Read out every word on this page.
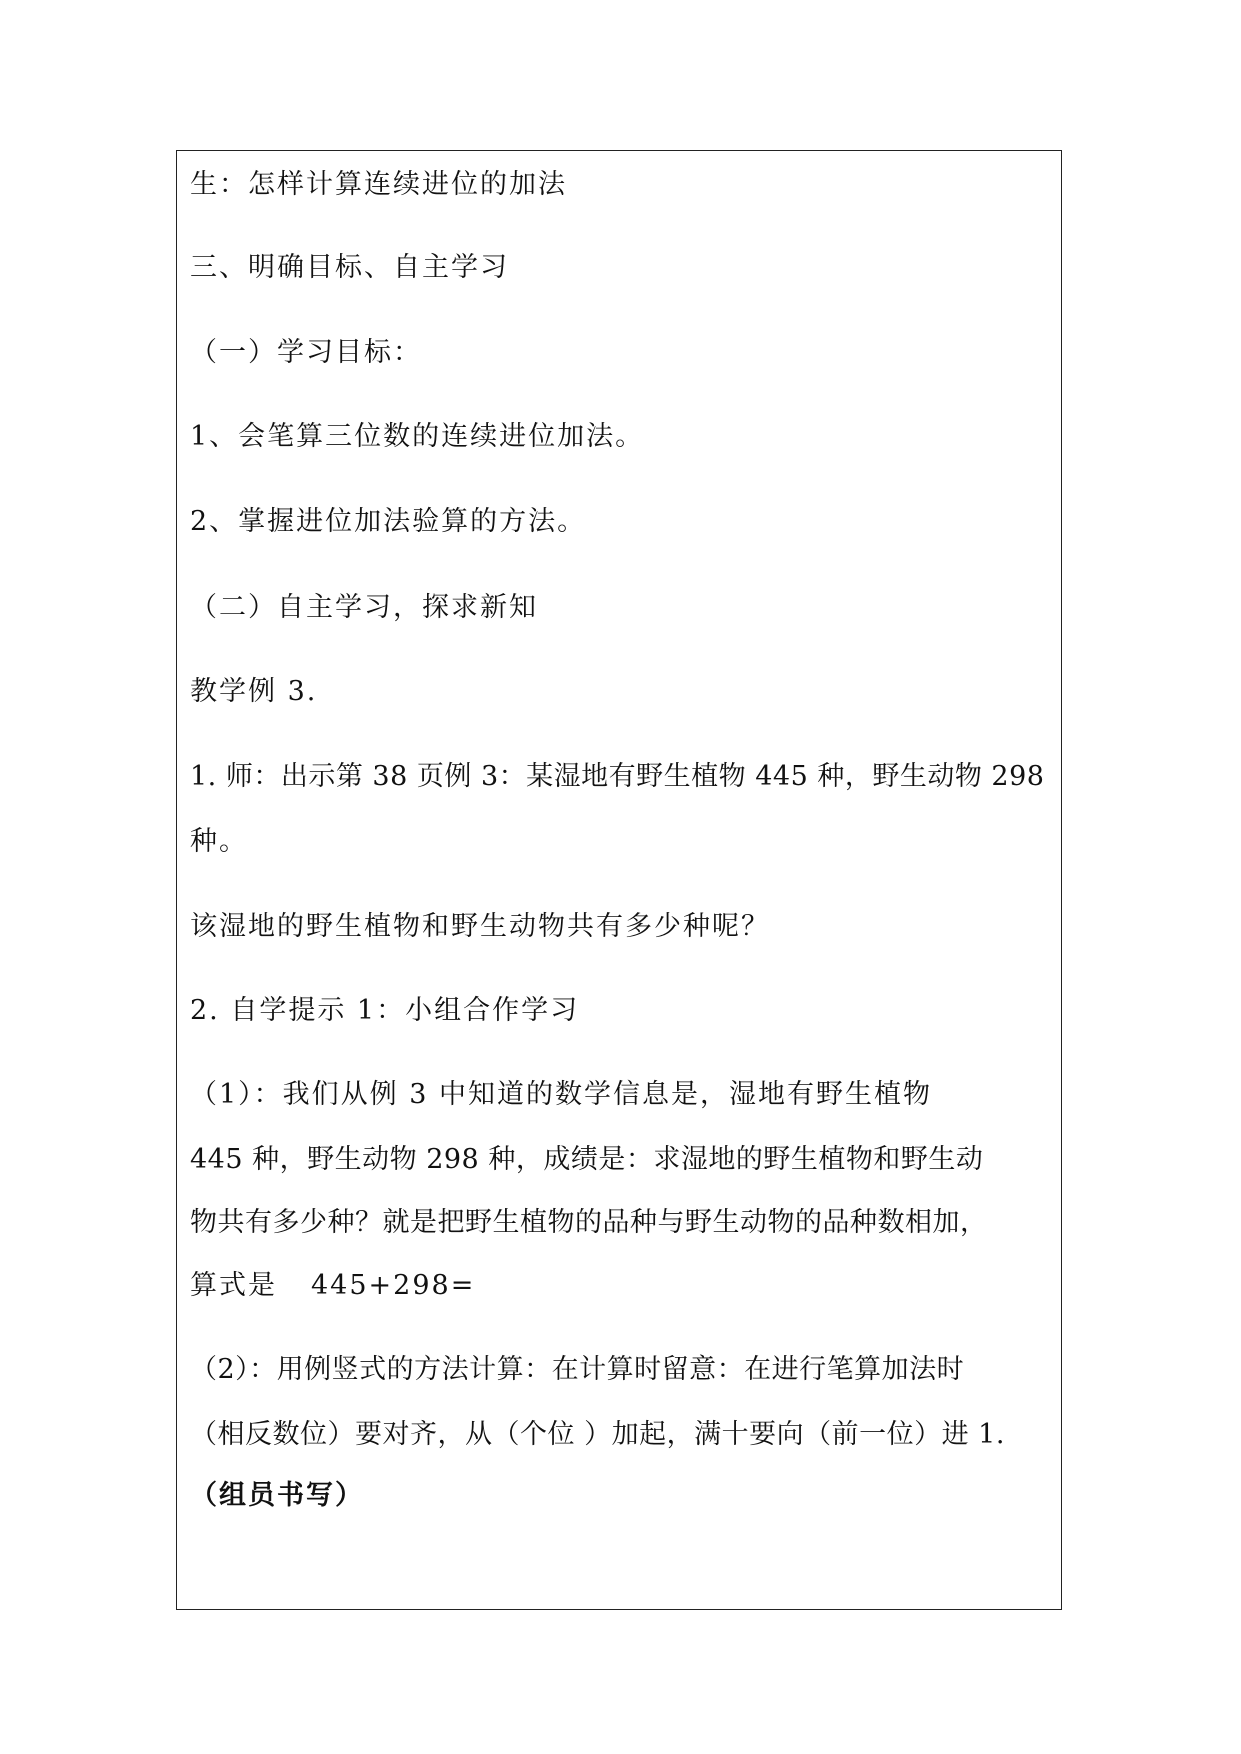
生：怎样计算连续进位的加法
三、明确目标、自主学习
（一）学习目标：
1、会笔算三位数的连续进位加法。
2、掌握进位加法验算的方法。
（二）自主学习，探求新知
教学例 3.
1. 师：出示第 38 页例 3：某湿地有野生植物 445 种，野生动物 298
种。
该湿地的野生植物和野生动物共有多少种呢？
2. 自学提示 1：小组合作学习
（1）：我们从例 3 中知道的数学信息是，湿地有野生植物
445 种，野生动物 298 种，成绩是：求湿地的野生植物和野生动
物共有多少种？就是把野生植物的品种与野生动物的品种数相加，
算式是 445+298=
（2）：用例竖式的方法计算：在计算时留意：在进行笔算加法时
（相反数位）要对齐，从（个位 ）加起，满十要向（前一位）进 1.
（组员书写）
